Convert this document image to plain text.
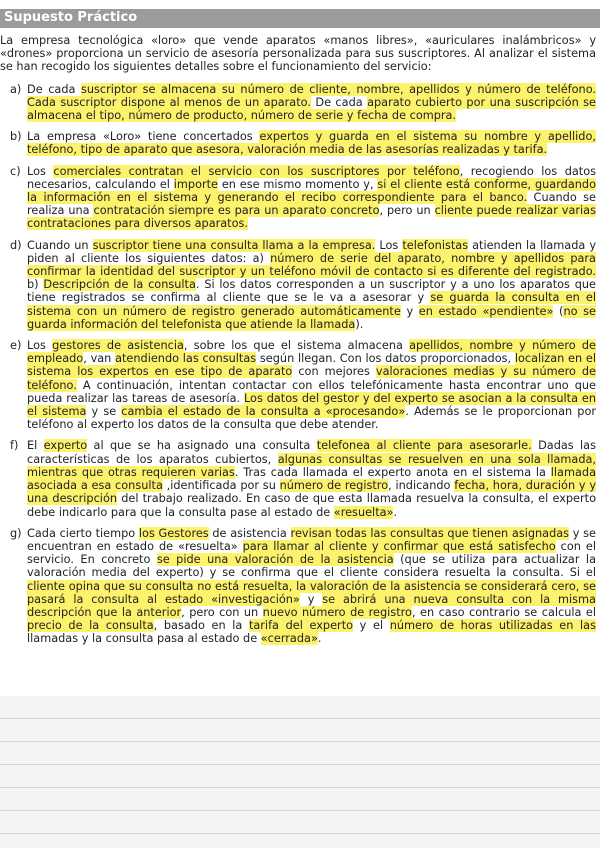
Supuesto Práctico

La empresa tecnológica «loro» que vende aparatos «manos libres», «auriculares inalámbricos» y «drones» proporciona un servicio de asesoría personalizada para sus suscriptores. Al analizar el sistema se han recogido los siguientes detalles sobre el funcionamiento del servicio:

a) De cada suscriptor se almacena su número de cliente, nombre, apellidos y número de teléfono. Cada suscriptor dispone al menos de un aparato. De cada aparato cubierto por una suscripción se almacena el tipo, número de producto, número de serie y fecha de compra.

b) La empresa «Loro» tiene concertados expertos y guarda en el sistema su nombre y apellido, teléfono, tipo de aparato que asesora, valoración media de las asesorías realizadas y tarifa.

c) Los comerciales contratan el servicio con los suscriptores por teléfono, recogiendo los datos necesarios, calculando el importe en ese mismo momento y, si el cliente está conforme, guardando la información en el sistema y generando el recibo correspondiente para el banco. Cuando se realiza una contratación siempre es para un aparato concreto, pero un cliente puede realizar varias contrataciones para diversos aparatos.

d) Cuando un suscriptor tiene una consulta llama a la empresa. Los telefonistas atienden la llamada y piden al cliente los siguientes datos: a) número de serie del aparato, nombre y apellidos para confirmar la identidad del suscriptor y un teléfono móvil de contacto si es diferente del registrado. b) Descripción de la consulta. Si los datos corresponden a un suscriptor y a uno los aparatos que tiene registrados se confirma al cliente que se le va a asesorar y se guarda la consulta en el sistema con un número de registro generado automáticamente y en estado «pendiente» (no se guarda información del telefonista que atiende la llamada).

e) Los gestores de asistencia, sobre los que el sistema almacena apellidos, nombre y número de empleado, van atendiendo las consultas según llegan. Con los datos proporcionados, localizan en el sistema los expertos en ese tipo de aparato con mejores valoraciones medias y su número de teléfono. A continuación, intentan contactar con ellos telefónicamente hasta encontrar uno que pueda realizar las tareas de asesoría. Los datos del gestor y del experto se asocian a la consulta en el sistema y se cambia el estado de la consulta a «procesando». Además se le proporcionan por teléfono al experto los datos de la consulta que debe atender.

f) El experto al que se ha asignado una consulta telefonea al cliente para asesorarle. Dadas las características de los aparatos cubiertos, algunas consultas se resuelven en una sola llamada, mientras que otras requieren varias. Tras cada llamada el experto anota en el sistema la llamada asociada a esa consulta ,identificada por su número de registro, indicando fecha, hora, duración y y una descripción del trabajo realizado. En caso de que esta llamada resuelva la consulta, el experto debe indicarlo para que la consulta pase al estado de «resuelta».

g) Cada cierto tiempo los Gestores de asistencia revisan todas las consultas que tienen asignadas y se encuentran en estado de «resuelta» para llamar al cliente y confirmar que está satisfecho con el servicio. En concreto se pide una valoración de la asistencia (que se utiliza para actualizar la valoración media del experto) y se confirma que el cliente considera resuelta la consulta. Si el cliente opina que su consulta no está resuelta, la valoración de la asistencia se considerará cero, se pasará la consulta al estado «investigación» y se abrirá una nueva consulta con la misma descripción que la anterior, pero con un nuevo número de registro, en caso contrario se calcula el precio de la consulta, basado en la tarifa del experto y el número de horas utilizadas en las llamadas y la consulta pasa al estado de «cerrada».
